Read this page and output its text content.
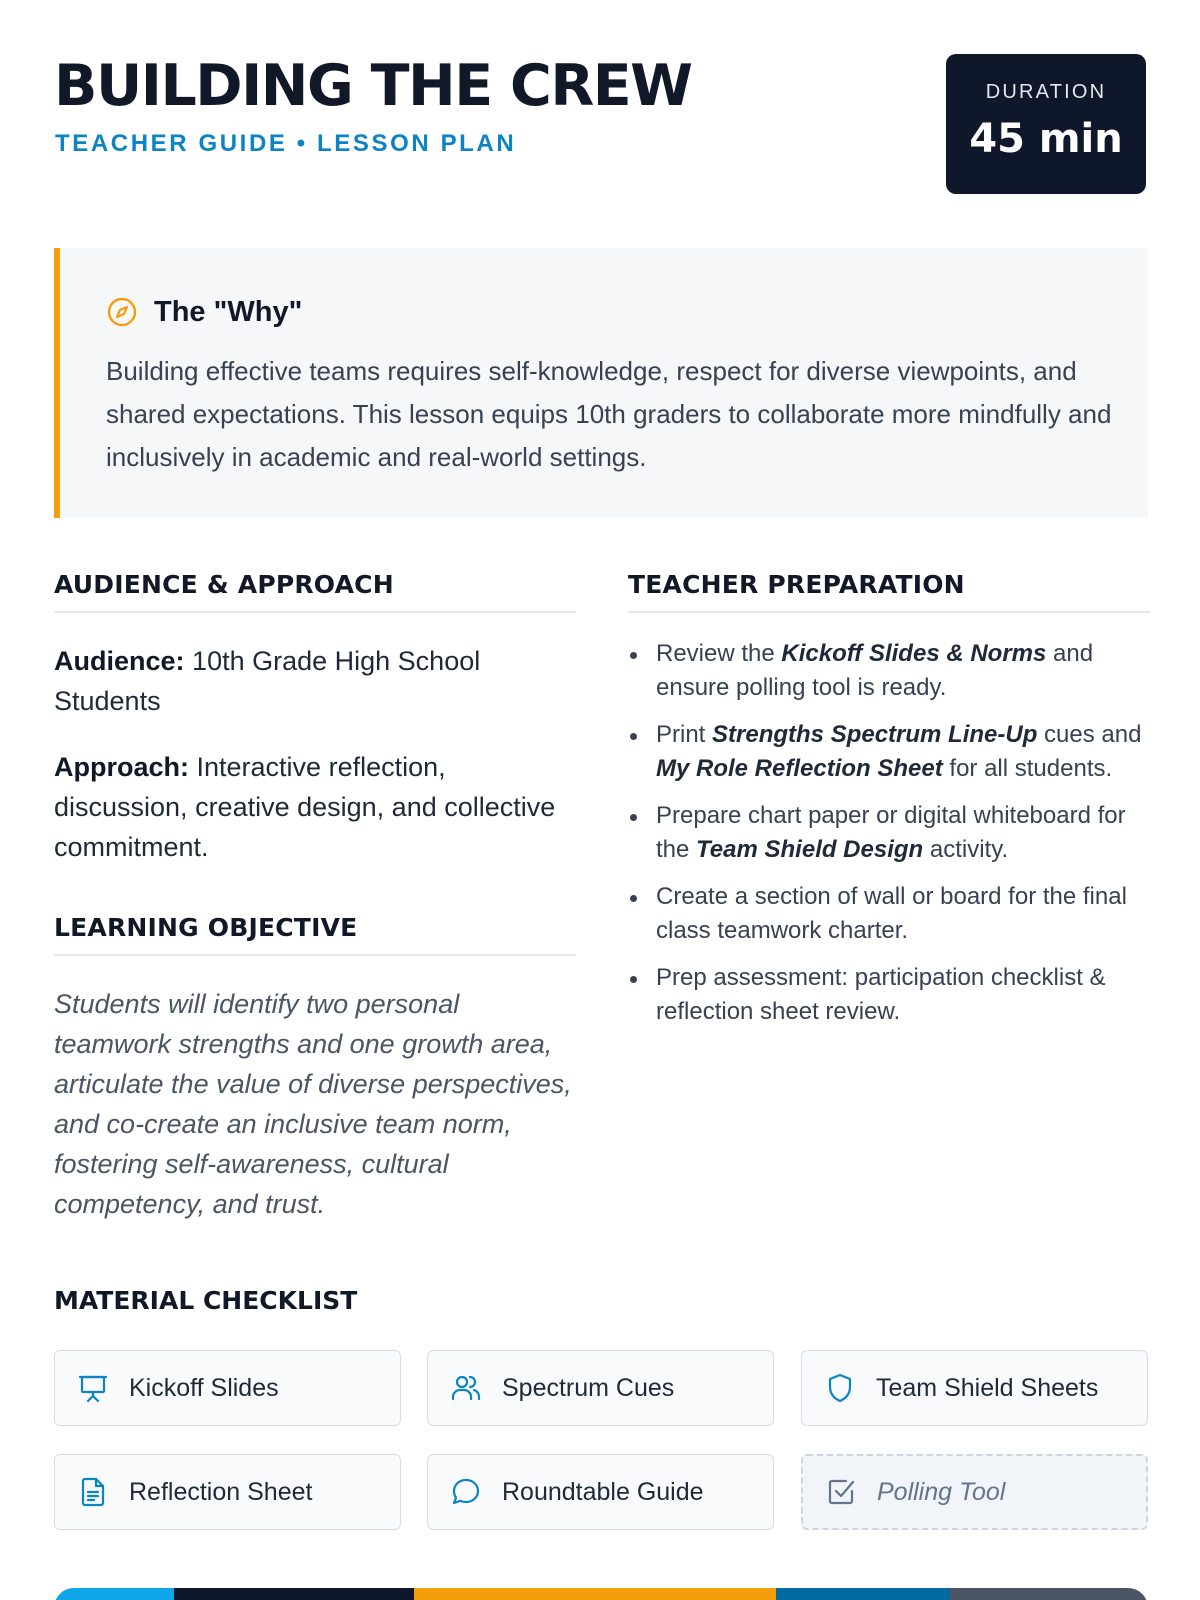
BUILDING THE CREW
TEACHER GUIDE • LESSON PLAN
DURATION
45 min
The "Why"

Building effective teams requires self-knowledge, respect for diverse viewpoints, and shared expectations. This lesson equips 10th graders to collaborate more mindfully and inclusively in academic and real-world settings.

AUDIENCE & APPROACH

Audience: 10th Grade High School Students

Approach: Interactive reflection, discussion, creative design, and collective commitment.

LEARNING OBJECTIVE

Students will identify two personal teamwork strengths and one growth area, articulate the value of diverse perspectives, and co-create an inclusive team norm, fostering self-awareness, cultural competency, and trust.

TEACHER PREPARATION
Review the Kickoff Slides & Norms and ensure polling tool is ready.
Print Strengths Spectrum Line-Up cues and My Role Reflection Sheet for all students.
Prepare chart paper or digital whiteboard for the Team Shield Design activity.
Create a section of wall or board for the final class teamwork charter.
Prep assessment: participation checklist & reflection sheet review.
MATERIAL CHECKLIST
Kickoff Slides	Spectrum Cues	Team Shield Sheets
Reflection Sheet	Roundtable Guide	Polling Tool
